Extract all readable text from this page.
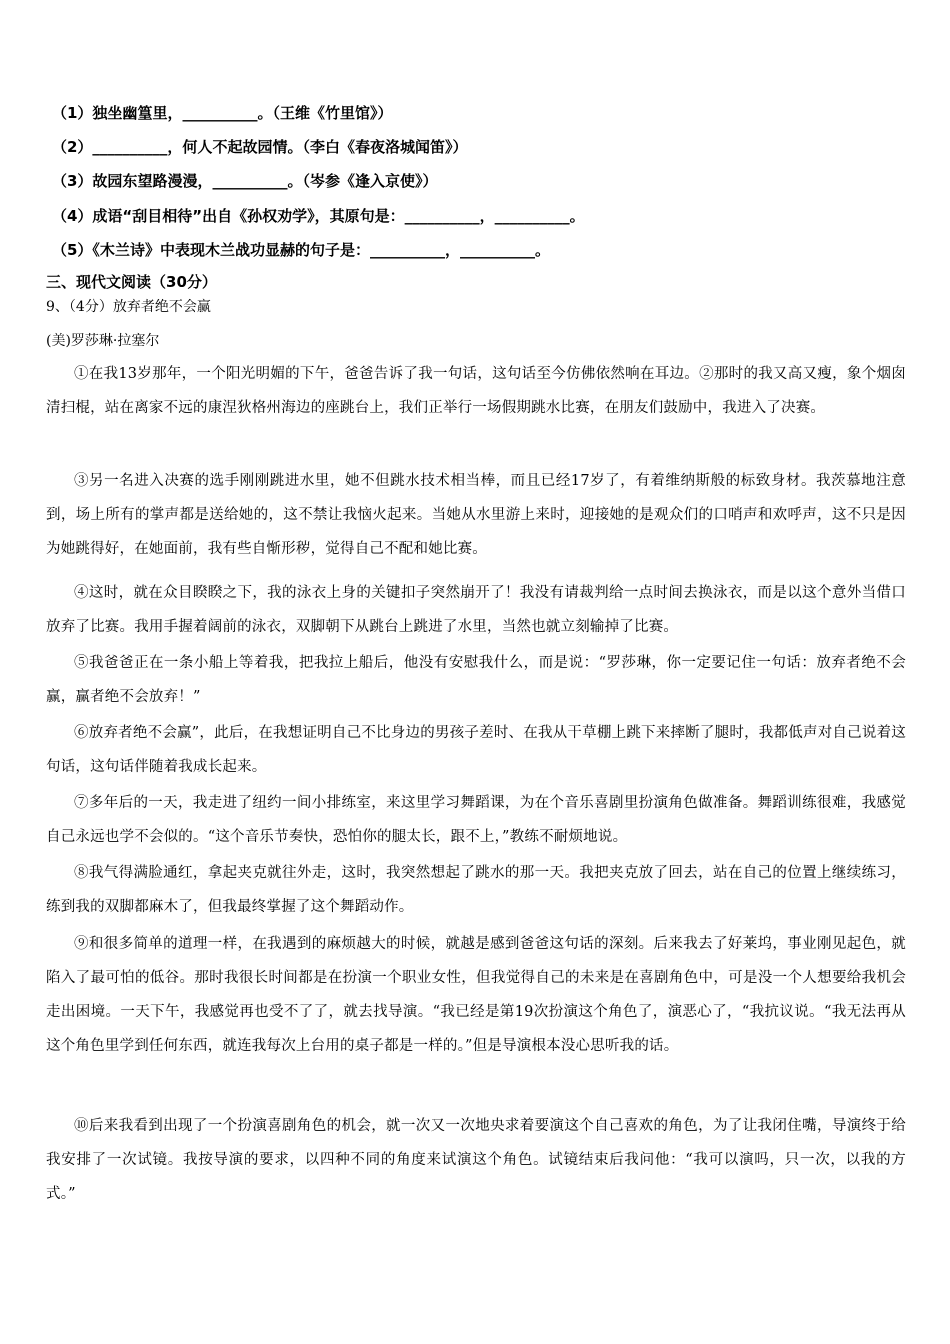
（1）独坐幽篁里，__________。（王维《竹里馆》）
（2）__________，何人不起故园情。（李白《春夜洛城闻笛》）
（3）故园东望路漫漫，__________。（岑参《逢入京使》）
（4）成语“刮目相待”出自《孙权劝学》，其原句是：__________，__________。
（5）《木兰诗》中表现木兰战功显赫的句子是：__________，__________。
三、现代文阅读（30分）
9、（4分）放弃者绝不会赢
(美)罗莎琳·拉塞尔

①在我13岁那年，一个阳光明媚的下午，爸爸告诉了我一句话，这句话至今仿佛依然响在耳边。②那时的我又高又瘦，象个烟囱清扫棍，站在离家不远的康涅狄格州海边的座跳台上，我们正举行一场假期跳水比赛，在朋友们鼓励中，我进入了决赛。

③另一名进入决赛的选手刚刚跳进水里，她不但跳水技术相当棒，而且已经17岁了，有着维纳斯般的标致身材。我茨慕地注意到，场上所有的掌声都是送给她的，这不禁让我恼火起来。当她从水里游上来时，迎接她的是观众们的口哨声和欢呼声，这不只是因为她跳得好，在她面前，我有些自惭形秽，觉得自己不配和她比赛。

④这时，就在众目睽睽之下，我的泳衣上身的关键扣子突然崩开了！我没有请裁判给一点时间去换泳衣，而是以这个意外当借口放弃了比赛。我用手握着阔前的泳衣，双脚朝下从跳台上跳进了水里，当然也就立刻输掉了比赛。

⑤我爸爸正在一条小船上等着我，把我拉上船后，他没有安慰我什么，而是说：“罗莎琳，你一定要记住一句话：放弃者绝不会赢，赢者绝不会放弃！”

⑥放弃者绝不会赢”，此后，在我想证明自己不比身边的男孩子差时、在我从干草棚上跳下来摔断了腿时，我都低声对自己说着这句话，这句话伴随着我成长起来。

⑦多年后的一天，我走进了纽约一间小排练室，来这里学习舞蹈课，为在个音乐喜剧里扮演角色做准备。舞蹈训练很难，我感觉自己永远也学不会似的。“这个音乐节奏快，恐怕你的腿太长，跟不上，”教练不耐烦地说。

⑧我气得满脸通红，拿起夹克就往外走，这时，我突然想起了跳水的那一天。我把夹克放了回去，站在自己的位置上继续练习，练到我的双脚都麻木了，但我最终掌握了这个舞蹈动作。

⑨和很多简单的道理一样，在我遇到的麻烦越大的时候，就越是感到爸爸这句话的深刻。后来我去了好莱坞，事业刚见起色，就陷入了最可怕的低谷。那时我很长时间都是在扮演一个职业女性，但我觉得自己的未来是在喜剧角色中，可是没一个人想要给我机会走出困境。一天下午，我感觉再也受不了了，就去找导演。“我已经是第19次扮演这个角色了，演恶心了，“我抗议说。“我无法再从这个角色里学到任何东西，就连我每次上台用的桌子都是一样的。”但是导演根本没心思听我的话。

⑩后来我看到出现了一个扮演喜剧角色的机会，就一次又一次地央求着要演这个自己喜欢的角色，为了让我闭住嘴，导演终于给我安排了一次试镜。我按导演的要求，以四种不同的角度来试演这个角色。试镜结束后我问他：“我可以演吗，只一次，以我的方式。”
